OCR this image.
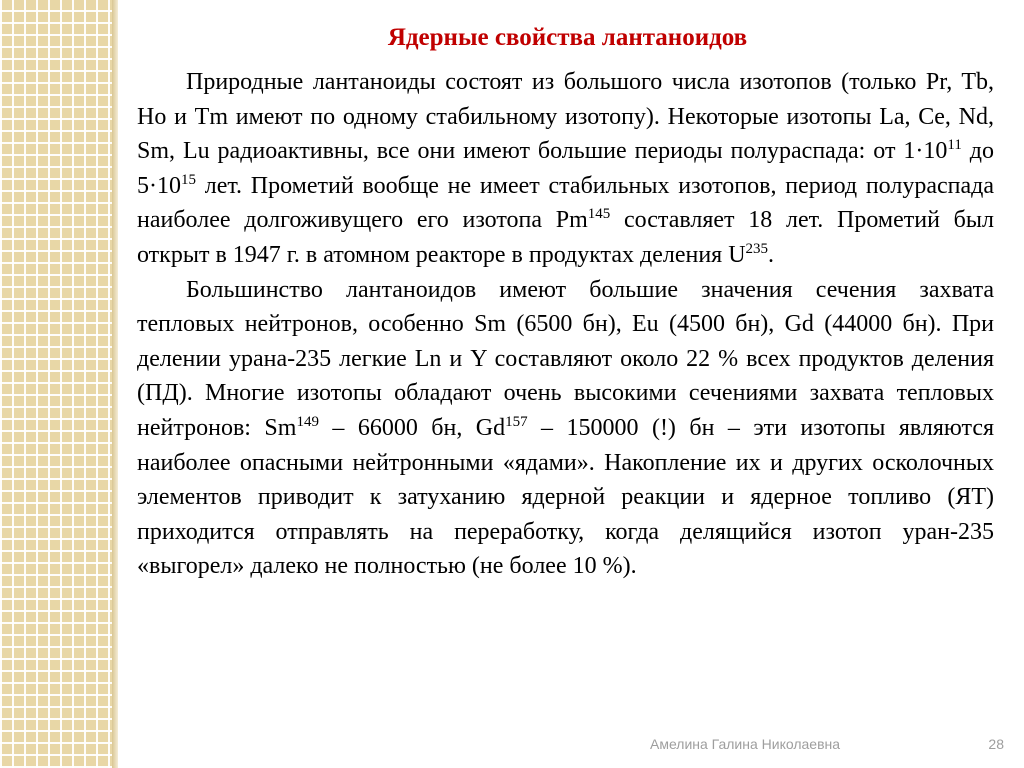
Ядерные свойства лантаноидов

Природные лантаноиды состоят из большого числа изотопов (только Pr, Tb, Ho и Tm имеют по одному стабильному изотопу). Некоторые изотопы La, Ce, Nd, Sm, Lu радиоактивны, все они имеют большие периоды полураспада: от $1\cdot 10^{11}$ до $5\cdot 10^{15}$ лет. Прометий вообще не имеет стабильных изотопов, период полураспада наиболее долгоживущего его изотопа Pm$^{145}$ составляет 18 лет. Прометий был открыт в 1947 г. в атомном реакторе в продуктах деления $U^{235}$.

Большинство лантаноидов имеют большие значения сечения захвата тепловых нейтронов, особенно Sm (6500 бн), Eu (4500 бн), Gd (44000 бн). При делении урана-235 легкие Ln и Y составляют около 22 % всех продуктов деления (ПД). Многие изотопы обладают очень высокими сечениями захвата тепловых нейтронов: Sm$^{149}$ – 66000 бн, Gd$^{157}$ – 150000 (!) бн – эти изотопы являются наиболее опасными нейтронными «ядами». Накопление их и других осколочных элементов приводит к затуханию ядерной реакции и ядерное топливо (ЯТ) приходится отправлять на переработку, когда делящийся изотоп уран-235 «выгорел» далеко не полностью (не более 10 %).

Амелина Галина Николаевна	28
